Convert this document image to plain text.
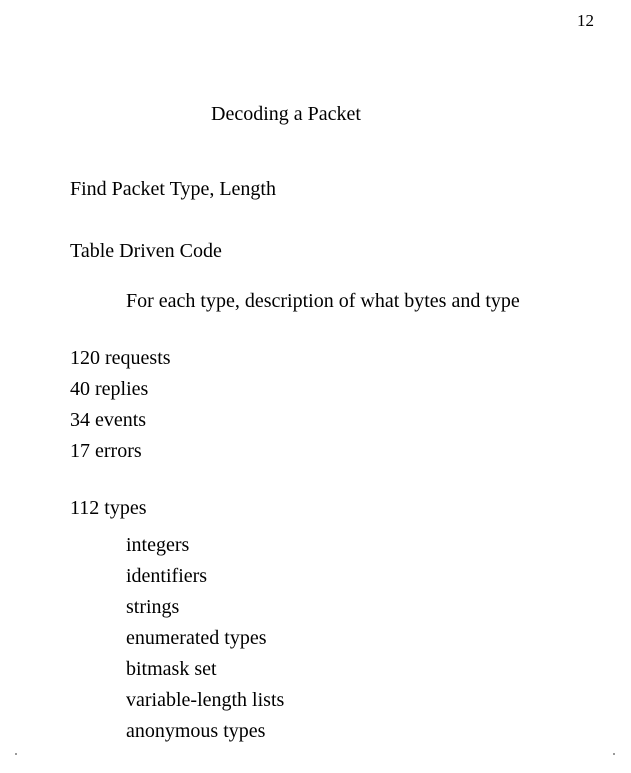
12
Decoding a Packet
Find Packet Type, Length
Table Driven Code
For each type, description of what bytes and type
120 requests
40 replies
34 events
17 errors
112 types
integers
identifiers
strings
enumerated types
bitmask set
variable-length lists
anonymous types
